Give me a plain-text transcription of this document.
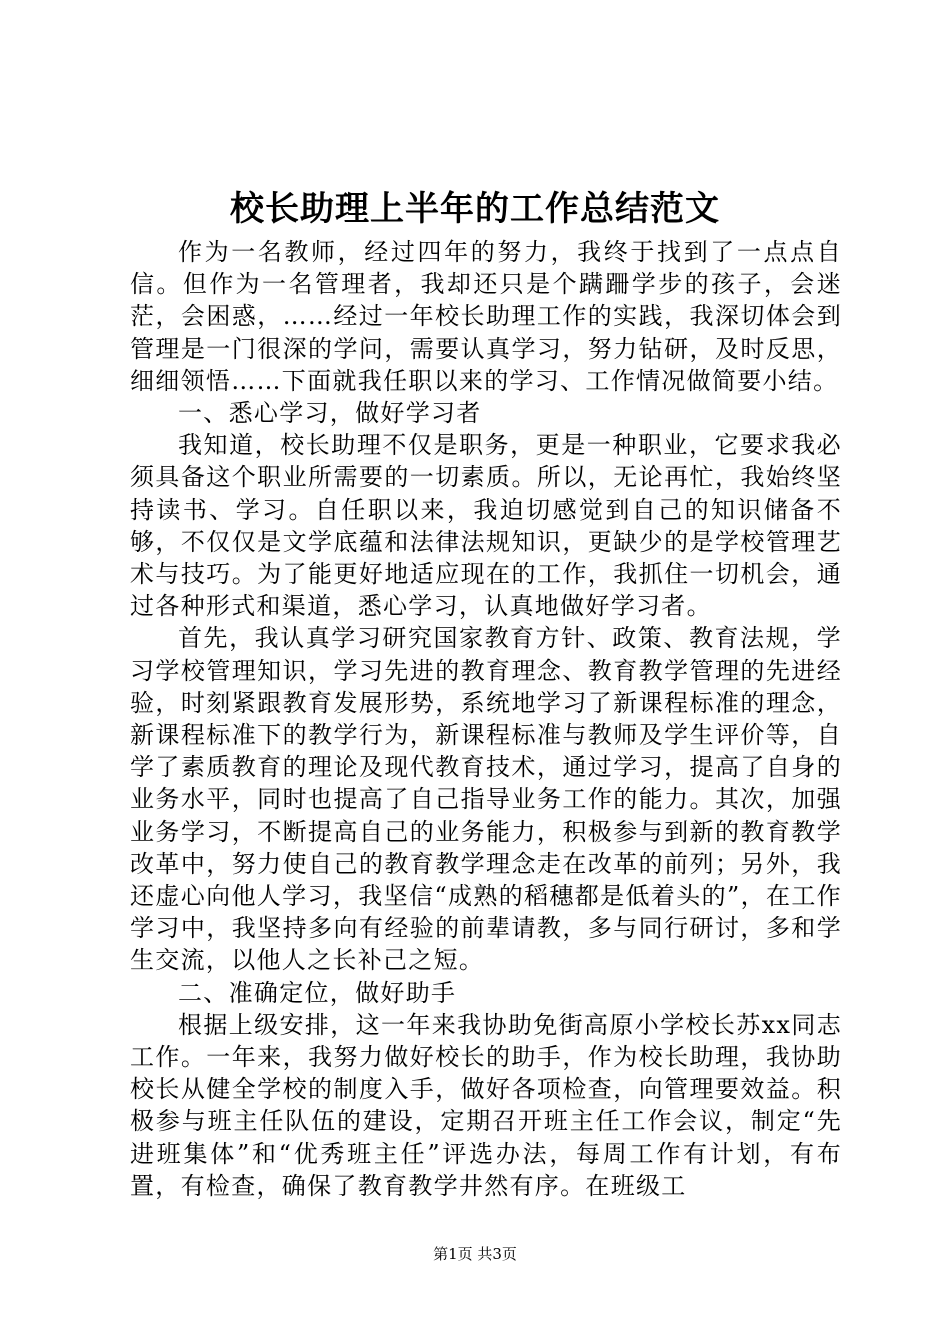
校长助理上半年的工作总结范文

作为一名教师，经过四年的努力，我终于找到了一点点自信。但作为一名管理者，我却还只是个蹒跚学步的孩子，会迷茫，会困惑，……经过一年校长助理工作的实践，我深切体会到管理是一门很深的学问，需要认真学习，努力钻研，及时反思，细细领悟……下面就我任职以来的学习、工作情况做简要小结。

一、悉心学习，做好学习者

我知道，校长助理不仅是职务，更是一种职业，它要求我必须具备这个职业所需要的一切素质。所以，无论再忙，我始终坚持读书、学习。自任职以来，我迫切感觉到自己的知识储备不够，不仅仅是文学底蕴和法律法规知识，更缺少的是学校管理艺术与技巧。为了能更好地适应现在的工作，我抓住一切机会，通过各种形式和渠道，悉心学习，认真地做好学习者。

首先，我认真学习研究国家教育方针、政策、教育法规，学习学校管理知识，学习先进的教育理念、教育教学管理的先进经验，时刻紧跟教育发展形势，系统地学习了新课程标准的理念，新课程标准下的教学行为，新课程标准与教师及学生评价等，自学了素质教育的理论及现代教育技术，通过学习，提高了自身的业务水平，同时也提高了自己指导业务工作的能力。其次，加强业务学习，不断提高自己的业务能力，积极参与到新的教育教学改革中，努力使自己的教育教学理念走在改革的前列；另外，我还虚心向他人学习，我坚信“成熟的稻穗都是低着头的”，在工作学习中，我坚持多向有经验的前辈请教，多与同行研讨，多和学生交流，以他人之长补己之短。

二、准确定位，做好助手

根据上级安排，这一年来我协助免街高原小学校长苏xx同志工作。一年来，我努力做好校长的助手，作为校长助理，我协助校长从健全学校的制度入手，做好各项检查，向管理要效益。积极参与班主任队伍的建设，定期召开班主任工作会议，制定“先进班集体”和“优秀班主任”评选办法，每周工作有计划，有布置，有检查，确保了教育教学井然有序。在班级工

第1页 共3页
